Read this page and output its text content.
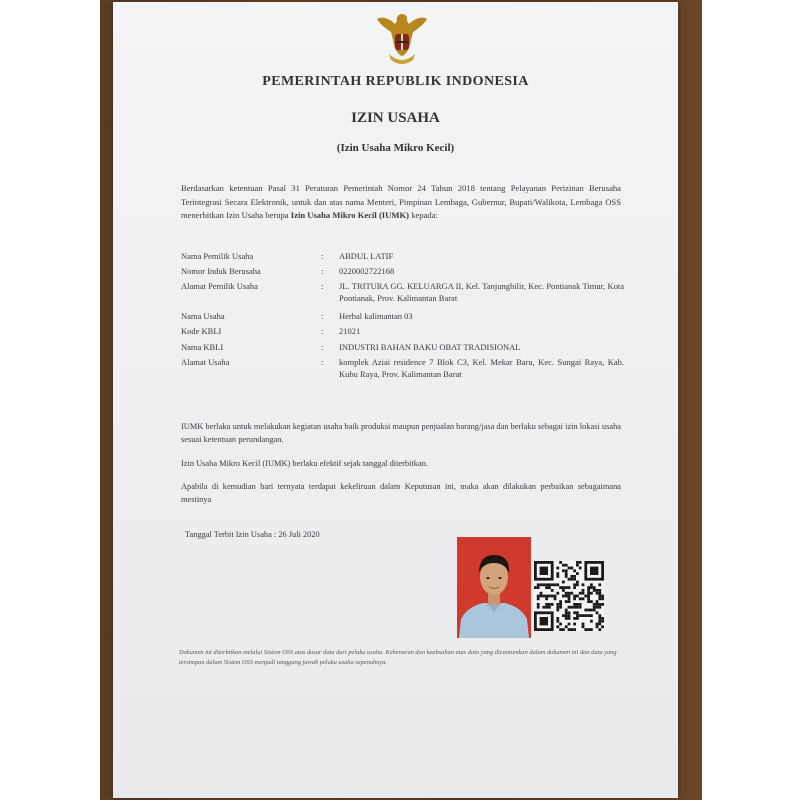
PEMERINTAH REPUBLIK INDONESIA
IZIN USAHA
(Izin Usaha Mikro Kecil)
Berdasarkan ketentuan Pasal 31 Peraturan Pemerintah Nomor 24 Tahun 2018 tentang Pelayanan Perizinan Berusaha Terintegrasi Secara Elektronik, untuk dan atas nama Menteri, Pimpinan Lembaga, Gubernur, Bupati/Walikota, Lembaga OSS menerbitkan Izin Usaha berupa Izin Usaha Mikro Kecil (IUMK) kepada:
Nama Pemilik Usaha	: ABDUL LATIF
Nomor Induk Berusaha	: 0220002722168
Alamat Pemilik Usaha	: JL. TRITURA GG. KELUARGA II, Kel. Tanjunghilir, Kec. Pontianak Timur, Kota Pontianak, Prov. Kalimantan Barat
Nama Usaha	: Herbal kalimantan 03
Kode KBLI	: 21021
Nama KBLI	: INDUSTRI BAHAN BAKU OBAT TRADISIONAL
Alamat Usaha	: komplek Aziai residence 7 Blok C3, Kel. Mekar Baru, Kec. Sungai Raya, Kab. Kubu Raya, Prov. Kalimantan Barat
IUMK berlaku untuk melakukan kegiatan usaha baik produksi maupun penjualan barang/jasa dan berlaku sebagai izin lokasi usaha sesuai ketentuan perundangan.
Izin Usaha Mikro Kecil (IUMK) berlaku efektif sejak tanggal diterbitkan.
Apabila di kemudian hari ternyata terdapat kekeliruan dalam Keputusan ini, maka akan dilakukan perbaikan sebagaimana mestinya
Tanggal Terbit Izin Usaha : 26 Juli 2020
Dokumen ini diterbitkan melalui Sistem OSS atas dasar data dari pelaku usaha. Kebenaran dan keabsahan atas data yang dicantumkan dalam dokumen ini dan data yang tersimpan dalam Sistem OSS menjadi tanggung jawab pelaku usaha sepenuhnya.
